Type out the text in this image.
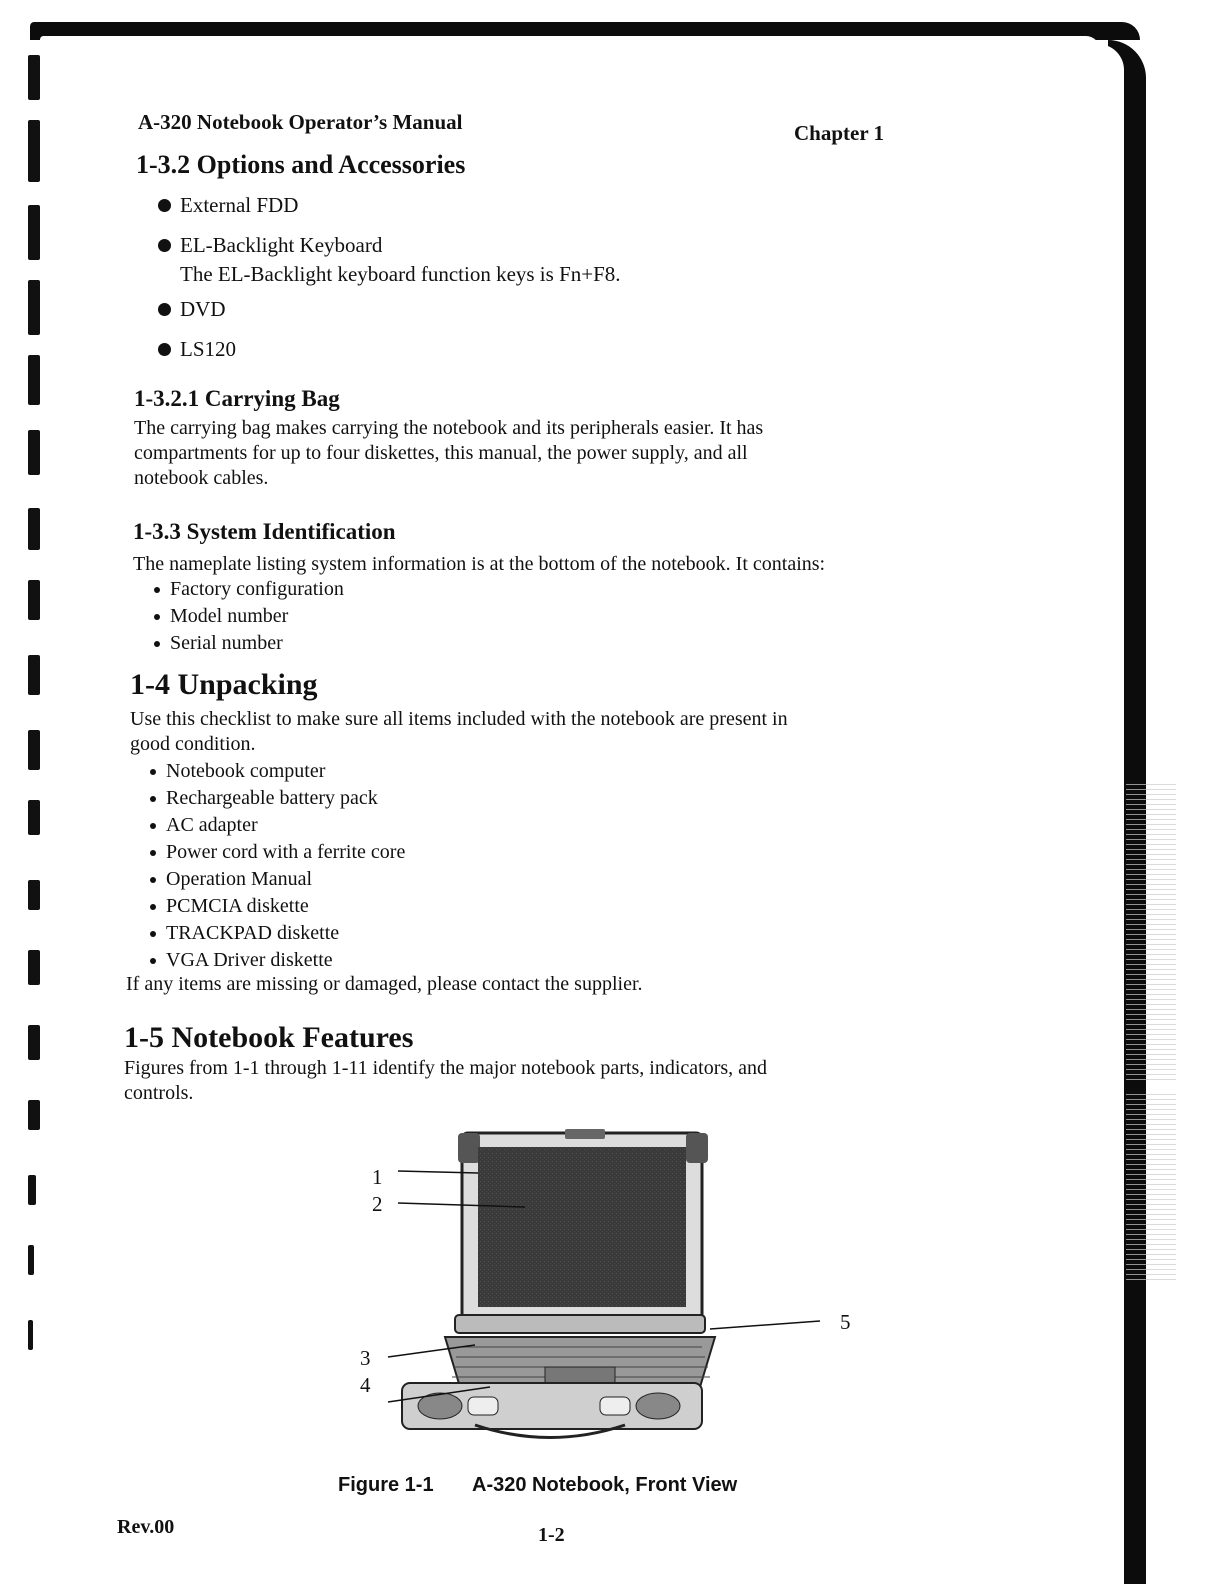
A-320 Notebook Operator’s Manual	Chapter 1
1-3.2 Options and Accessories
External FDD
EL-Backlight Keyboard
The EL-Backlight keyboard function keys is Fn+F8.
DVD
LS120
1-3.2.1 Carrying Bag
The carrying bag makes carrying the notebook and its peripherals easier. It has
compartments for up to four diskettes, this manual, the power supply, and all
notebook cables.
1-3.3 System Identification
The nameplate listing system information is at the bottom of the notebook. It contains:
Factory configuration
Model number
Serial number
1-4 Unpacking
Use this checklist to make sure all items included with the notebook are present in
good condition.
Notebook computer
Rechargeable battery pack
AC adapter
Power cord with a ferrite core
Operation Manual
PCMCIA diskette
TRACKPAD diskette
VGA Driver diskette
If any items are missing or damaged, please contact the supplier.
1-5 Notebook Features
Figures from 1-1 through 1-11 identify the major notebook parts, indicators, and
controls.
1
2
3
4
5
Figure 1-1 A-320 Notebook, Front View
Rev.00	1-2
